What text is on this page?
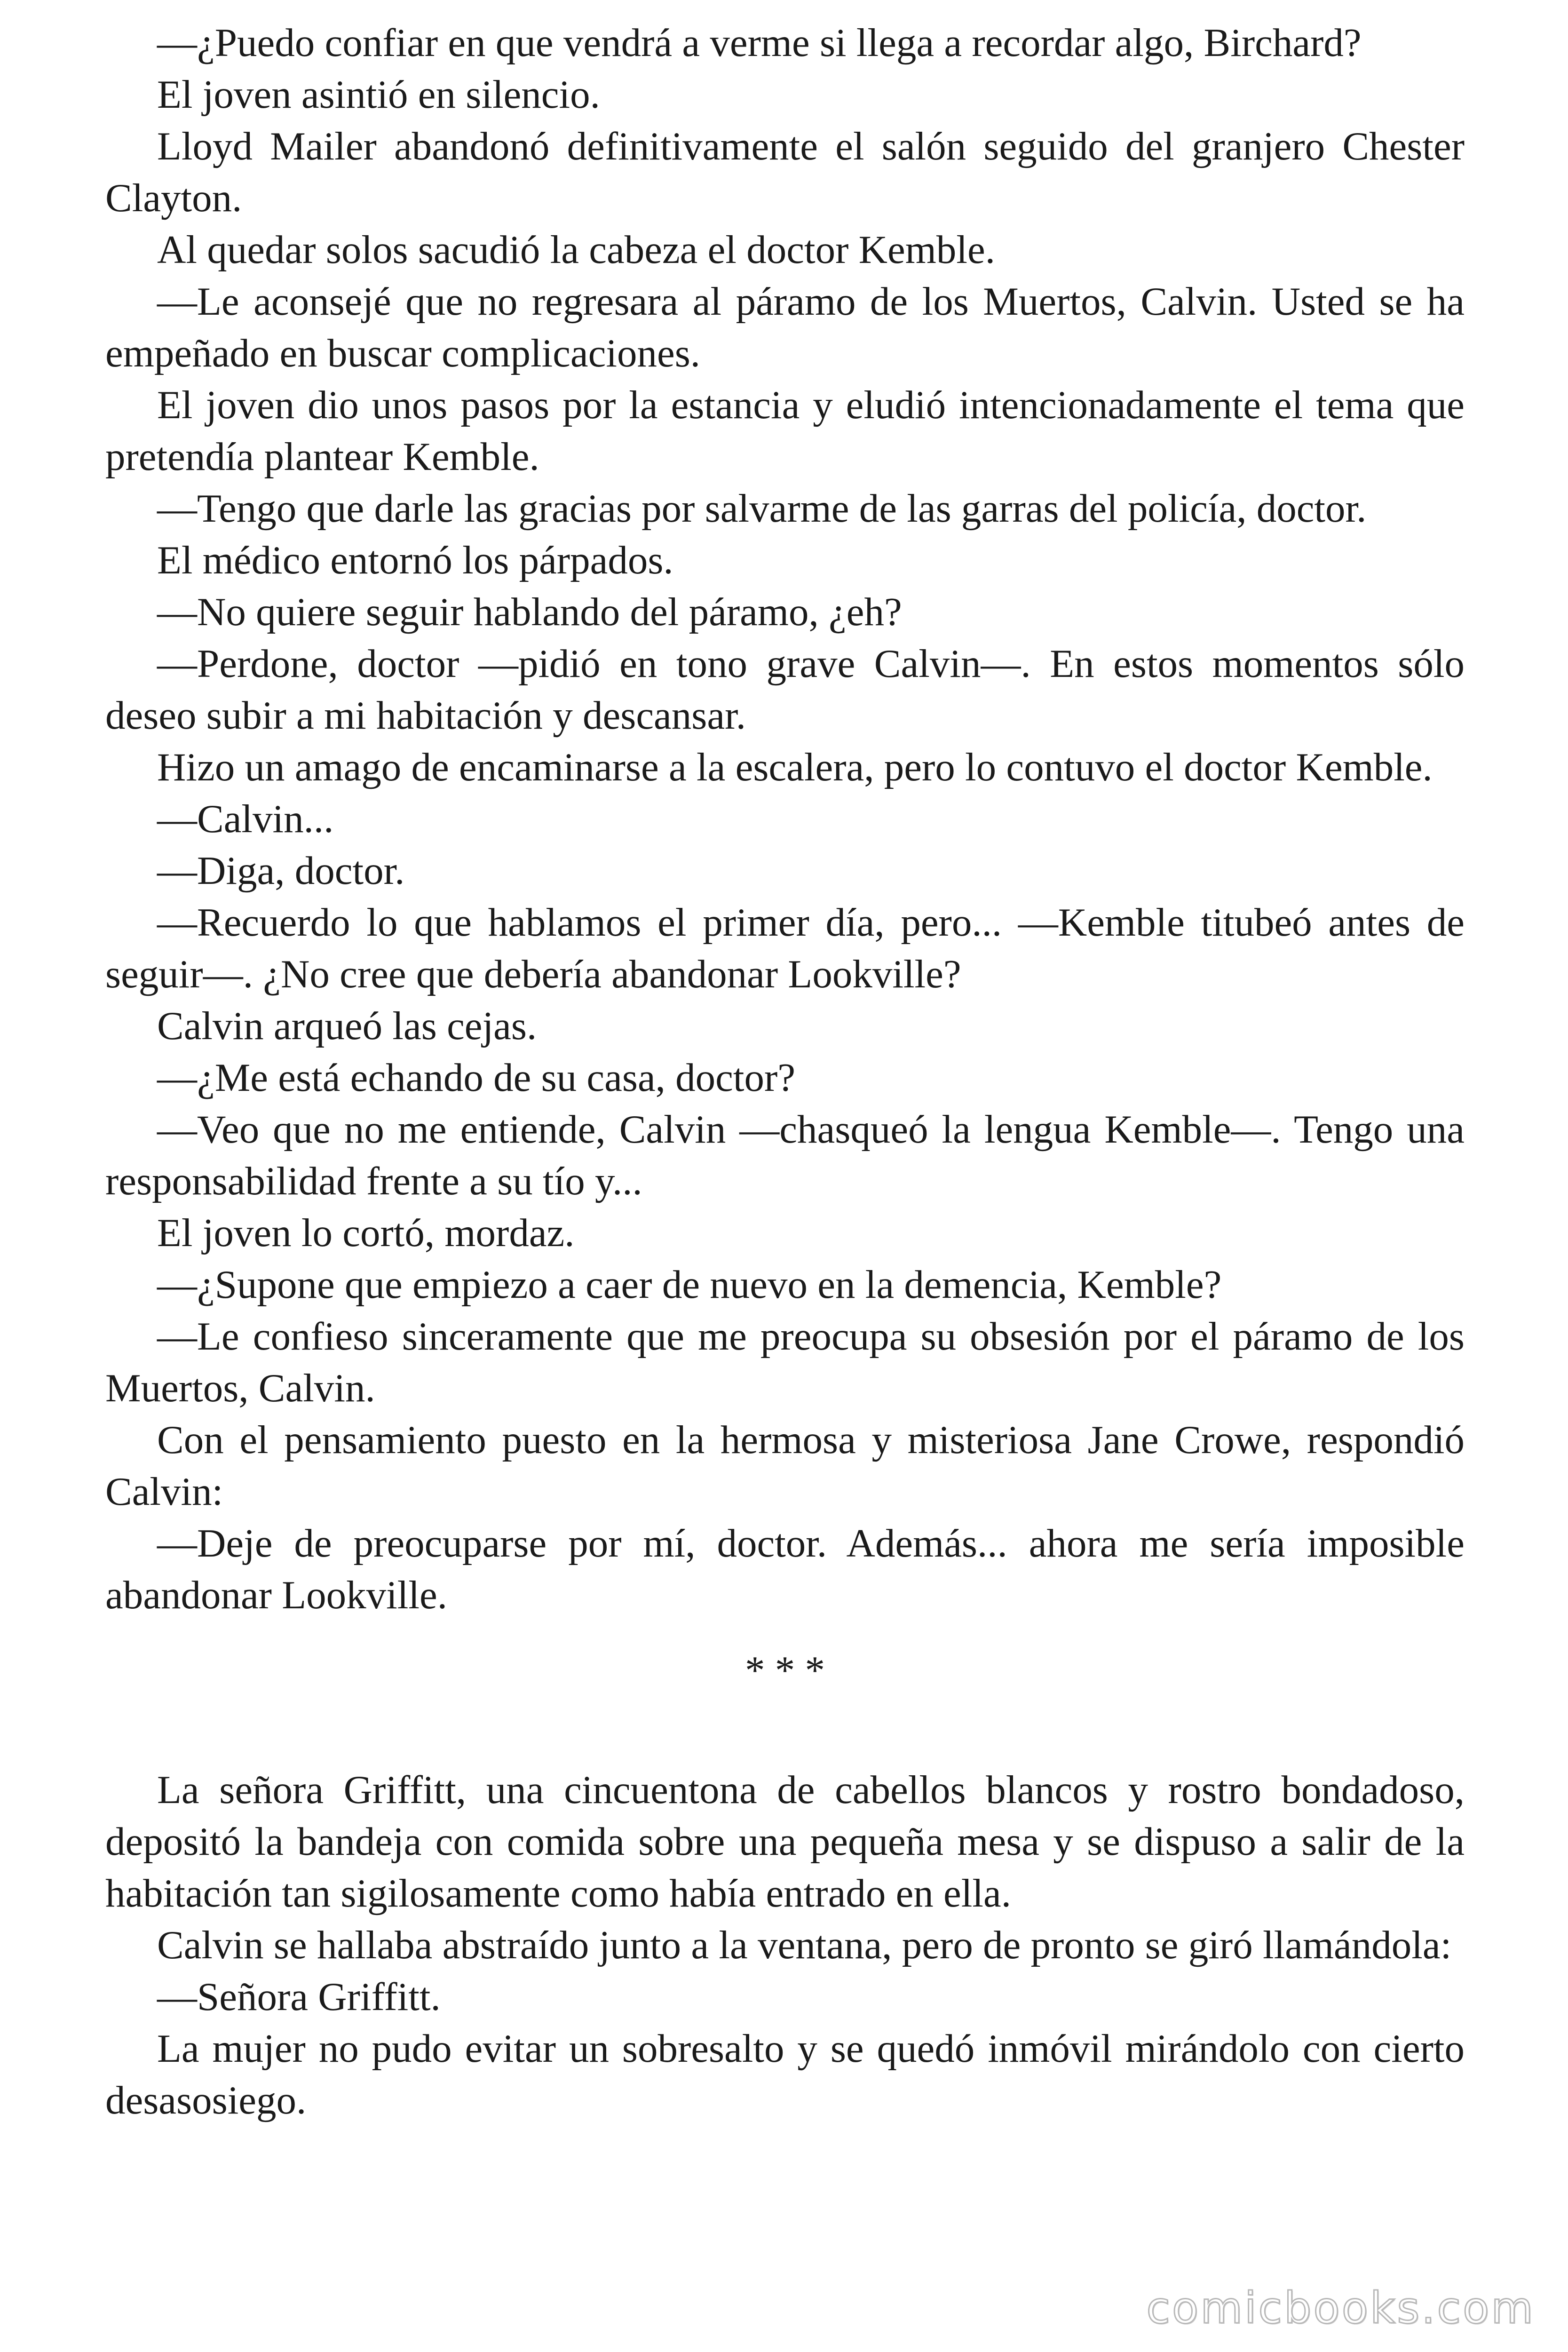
—¿Puedo confiar en que vendrá a verme si llega a recordar algo, Birchard?

El joven asintió en silencio.

Lloyd Mailer abandonó definitivamente el salón seguido del granjero Chester Clayton.

Al quedar solos sacudió la cabeza el doctor Kemble.

—Le aconsejé que no regresara al páramo de los Muertos, Calvin. Usted se ha empeñado en buscar complicaciones.

El joven dio unos pasos por la estancia y eludió intencionadamente el tema que pretendía plantear Kemble.

—Tengo que darle las gracias por salvarme de las garras del policía, doctor.

El médico entornó los párpados.

—No quiere seguir hablando del páramo, ¿eh?

—Perdone, doctor —pidió en tono grave Calvin—. En estos momentos sólo deseo subir a mi habitación y descansar.

Hizo un amago de encaminarse a la escalera, pero lo contuvo el doctor Kemble.

—Calvin...

—Diga, doctor.

—Recuerdo lo que hablamos el primer día, pero... —Kemble titubeó antes de seguir—. ¿No cree que debería abandonar Lookville?

Calvin arqueó las cejas.

—¿Me está echando de su casa, doctor?

—Veo que no me entiende, Calvin —chasqueó la lengua Kemble—. Tengo una responsabilidad frente a su tío y...

El joven lo cortó, mordaz.

—¿Supone que empiezo a caer de nuevo en la demencia, Kemble?

—Le confieso sinceramente que me preocupa su obsesión por el páramo de los Muertos, Calvin.

Con el pensamiento puesto en la hermosa y misteriosa Jane Crowe, respondió Calvin:

—Deje de preocuparse por mí, doctor. Además... ahora me sería imposible abandonar Lookville.

* * *

La señora Griffitt, una cincuentona de cabellos blancos y rostro bondadoso, depositó la bandeja con comida sobre una pequeña mesa y se dispuso a salir de la habitación tan sigilosamente como había entrado en ella.

Calvin se hallaba abstraído junto a la ventana, pero de pronto se giró llamándola:

—Señora Griffitt.

La mujer no pudo evitar un sobresalto y se quedó inmóvil mirándolo con cierto desasosiego.

comicbooks.com
